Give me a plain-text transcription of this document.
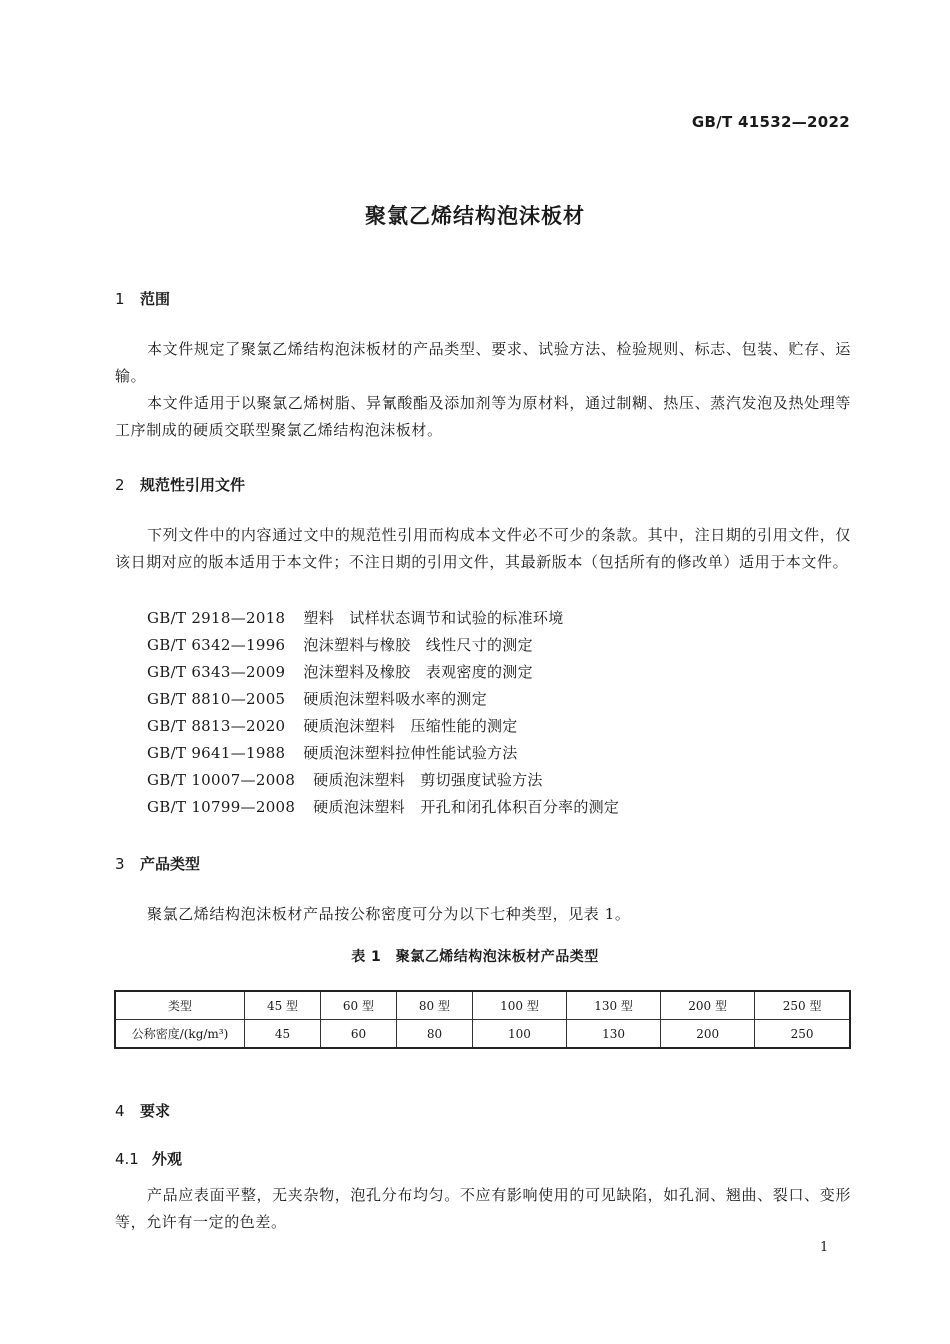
GB/T 41532—2022
聚氯乙烯结构泡沫板材
1 范围
本文件规定了聚氯乙烯结构泡沫板材的产品类型、要求、试验方法、检验规则、标志、包装、贮存、运输。
本文件适用于以聚氯乙烯树脂、异氰酸酯及添加剂等为原材料，通过制糊、热压、蒸汽发泡及热处理等工序制成的硬质交联型聚氯乙烯结构泡沫板材。
2 规范性引用文件
下列文件中的内容通过文中的规范性引用而构成本文件必不可少的条款。其中，注日期的引用文件，仅该日期对应的版本适用于本文件；不注日期的引用文件，其最新版本（包括所有的修改单）适用于本文件。
GB/T 2918—2018 塑料　试样状态调节和试验的标准环境
GB/T 6342—1996 泡沫塑料与橡胶　线性尺寸的测定
GB/T 6343—2009 泡沫塑料及橡胶　表观密度的测定
GB/T 8810—2005 硬质泡沫塑料吸水率的测定
GB/T 8813—2020 硬质泡沫塑料　压缩性能的测定
GB/T 9641—1988 硬质泡沫塑料拉伸性能试验方法
GB/T 10007—2008 硬质泡沫塑料　剪切强度试验方法
GB/T 10799—2008 硬质泡沫塑料　开孔和闭孔体积百分率的测定
3 产品类型
聚氯乙烯结构泡沫板材产品按公称密度可分为以下七种类型，见表 1。
表 1　聚氯乙烯结构泡沫板材产品类型
类型	45 型	60 型	80 型	100 型	130 型	200 型	250 型
公称密度/(kg/m³)	45	60	80	100	130	200	250
4 要求
4.1 外观
产品应表面平整，无夹杂物，泡孔分布均匀。不应有影响使用的可见缺陷，如孔洞、翘曲、裂口、变形等，允许有一定的色差。
1
